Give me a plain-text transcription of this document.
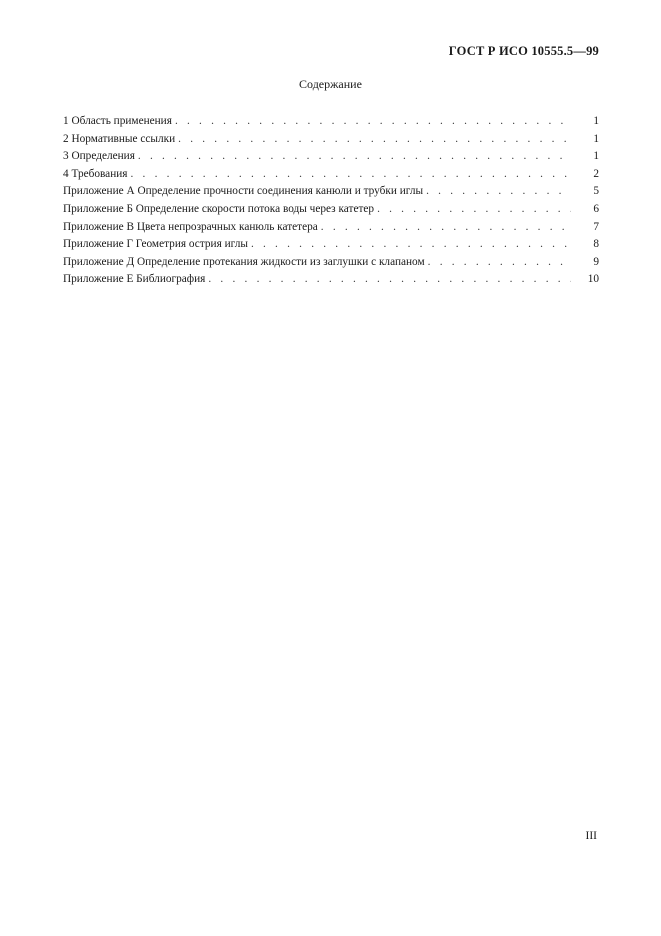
ГОСТ Р ИСО 10555.5—99
Содержание
1 Область применения . . .	1
2 Нормативные ссылки . . .	1
3 Определения . . .	1
4 Требования . . .	2
Приложение А Определение прочности соединения канюли и трубки иглы . . .	5
Приложение Б Определение скорости потока воды через катетер . . .	6
Приложение В Цвета непрозрачных канюль катетера . . .	7
Приложение Г Геометрия острия иглы . . .	8
Приложение Д Определение протекания жидкости из заглушки с клапаном . . .	9
Приложение Е Библиография . . .	10
III
